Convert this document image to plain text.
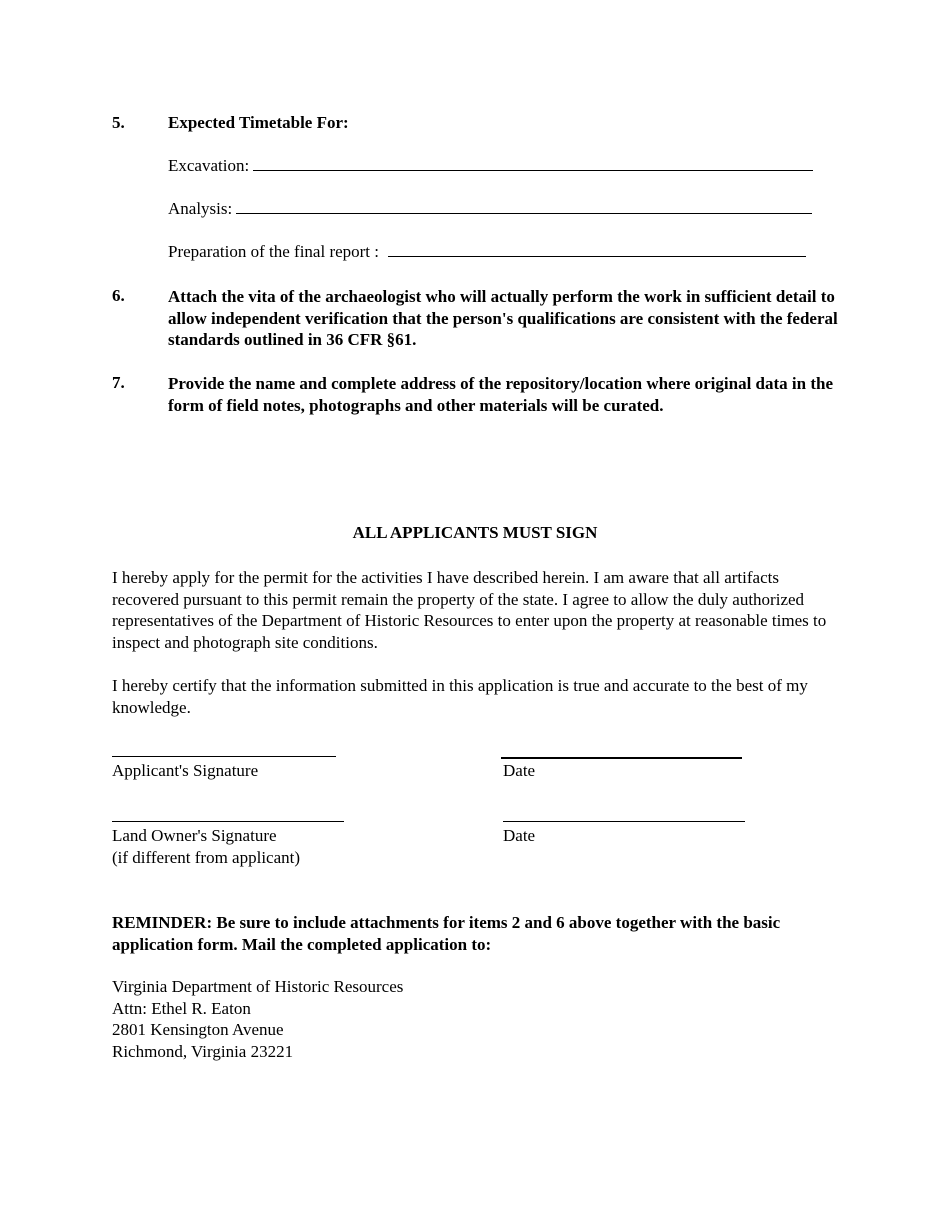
5.	Expected Timetable For:
Excavation:
Analysis:
Preparation of the final report :
6.	Attach the vita of the archaeologist who will actually perform the work in sufficient detail to allow independent verification that the person's qualifications are consistent with the federal standards outlined in 36 CFR §61.
7.	Provide the name and complete address of the repository/location where original data in the form of field notes, photographs and other materials will be curated.
ALL APPLICANTS MUST SIGN
I hereby apply for the permit for the activities I have described herein. I am aware that all artifacts recovered pursuant to this permit remain the property of the state. I agree to allow the duly authorized representatives of the Department of Historic Resources to enter upon the property at reasonable times to inspect and photograph site conditions.
I hereby certify that the information submitted in this application is true and accurate to the best of my knowledge.
Applicant's Signature	Date
Land Owner's Signature
(if different from applicant)
Date
REMINDER: Be sure to include attachments for items 2 and 6 above together with the basic application form. Mail the completed application to:
Virginia Department of Historic Resources
Attn: Ethel R. Eaton
2801 Kensington Avenue
Richmond, Virginia 23221
